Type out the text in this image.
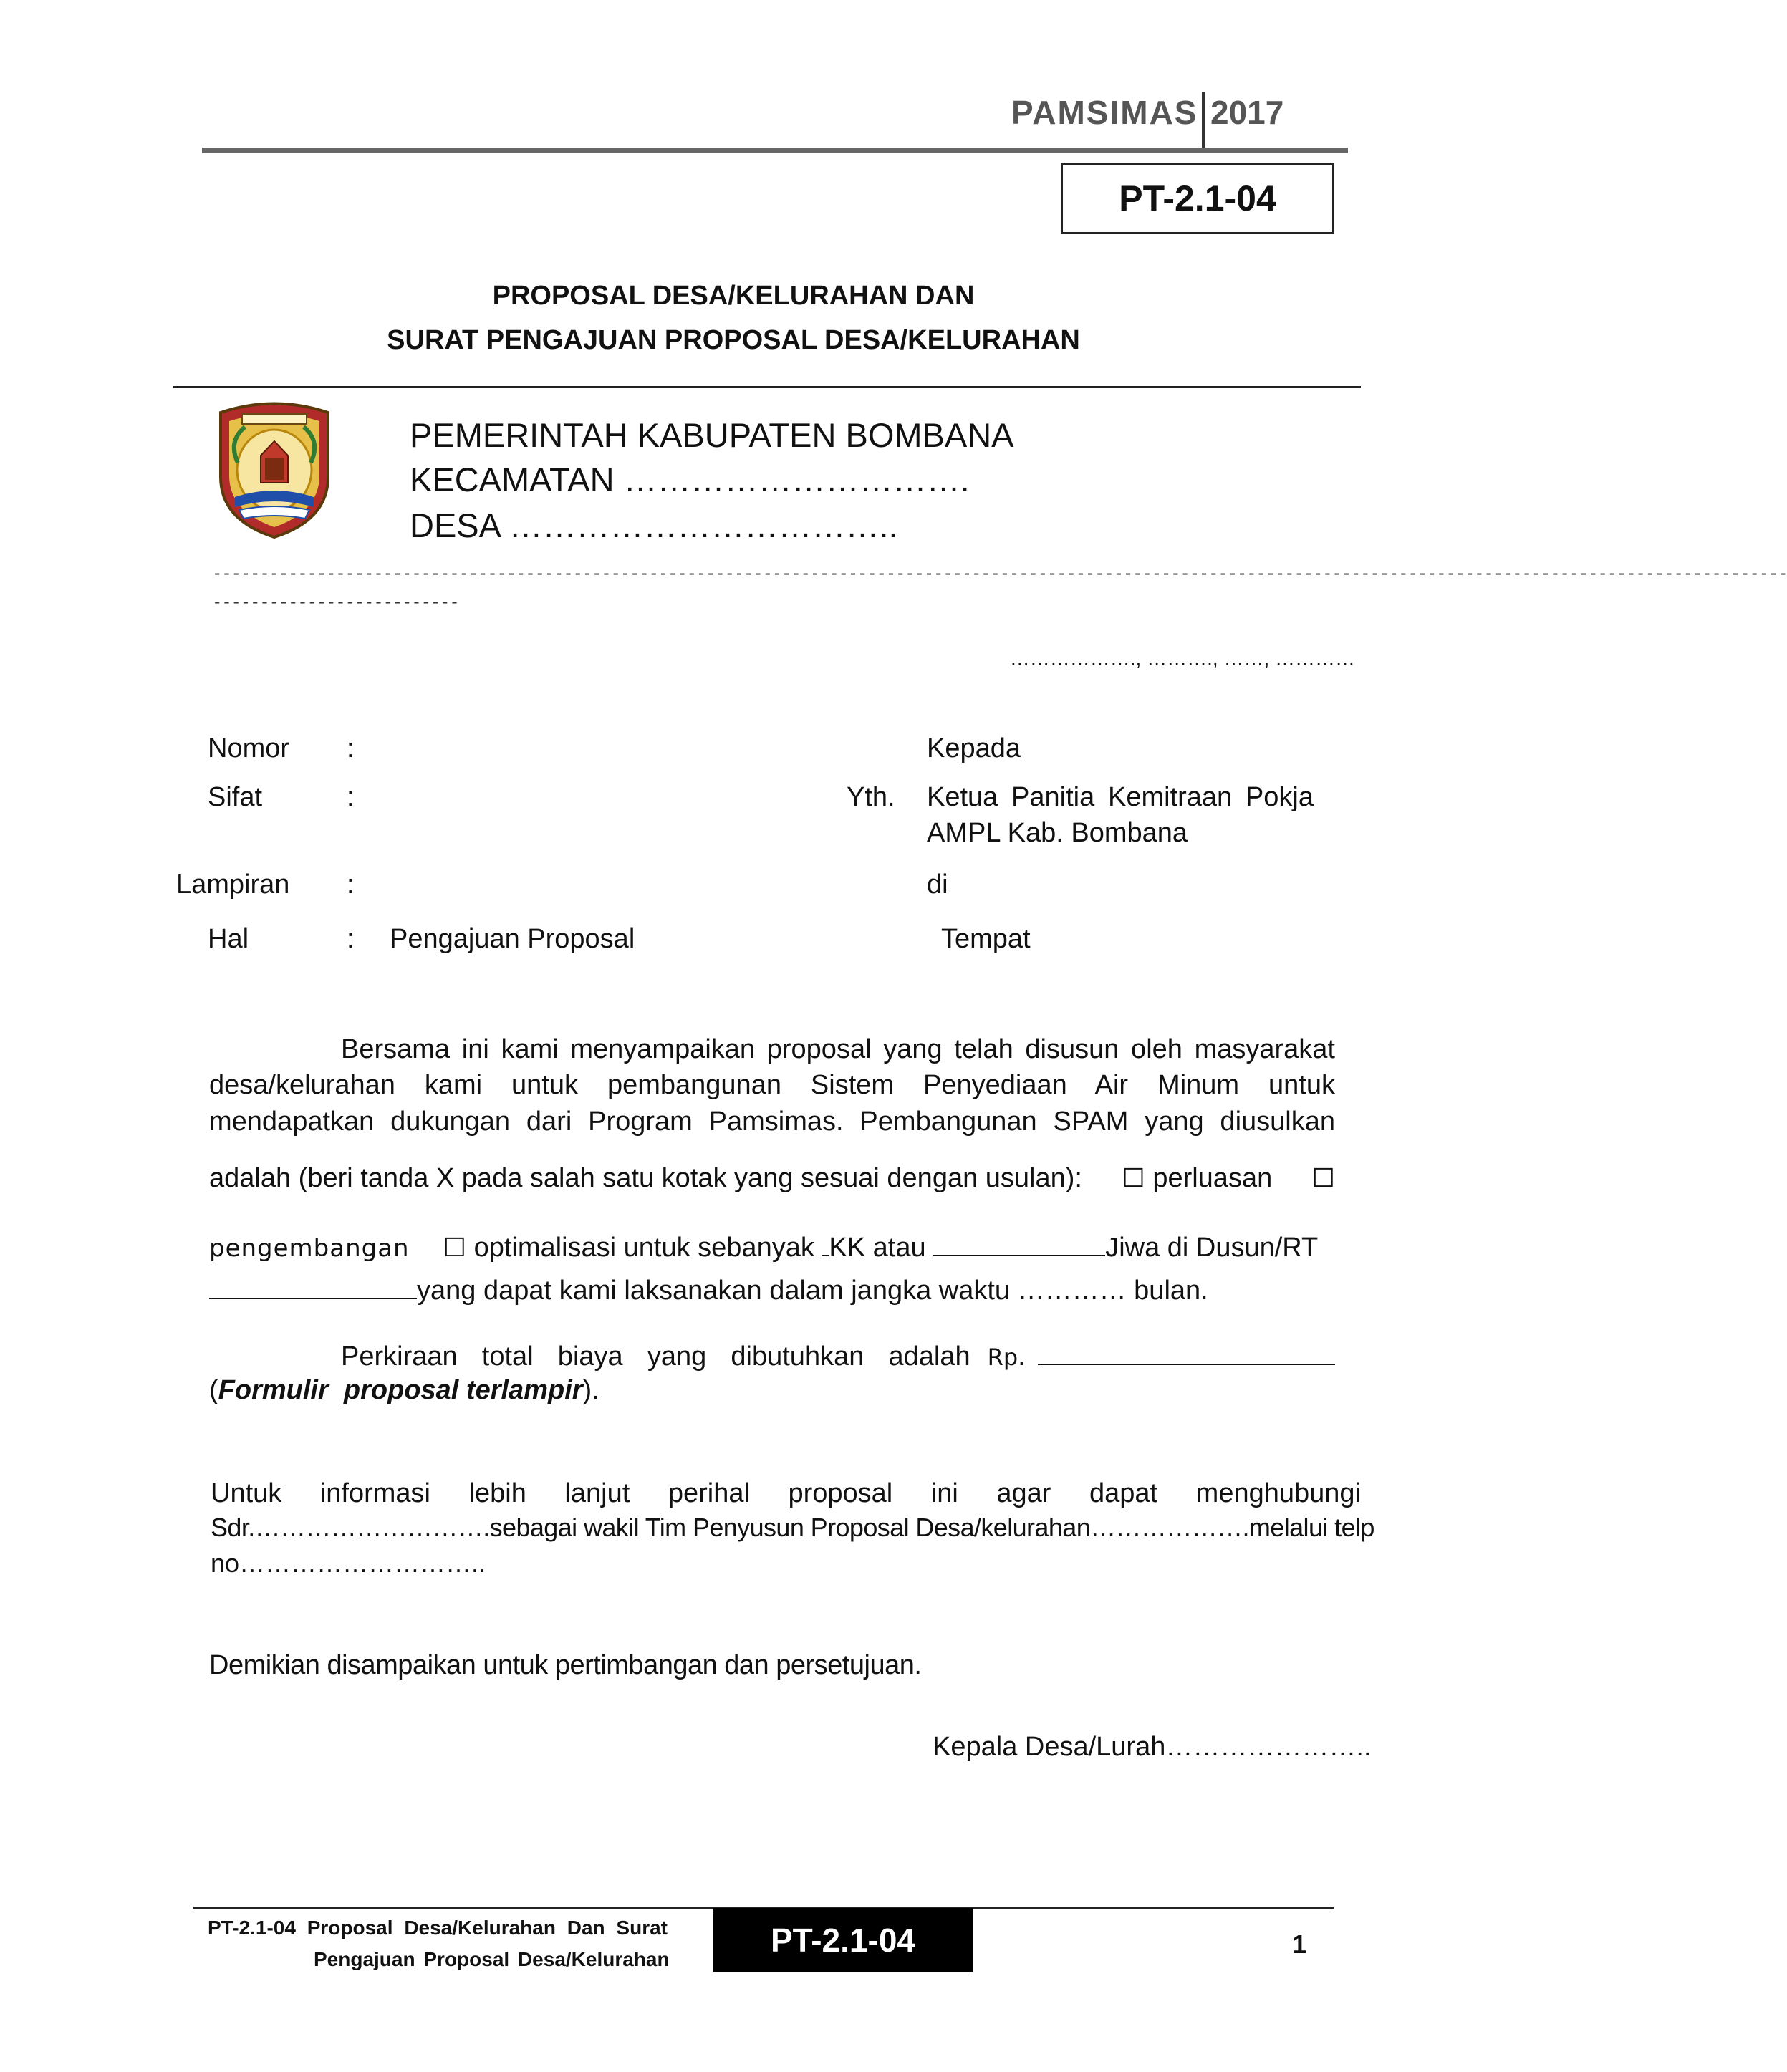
PAMSIMAS 2017
PT-2.1-04
PROPOSAL DESA/KELURAHAN DAN
SURAT PENGAJUAN PROPOSAL DESA/KELURAHAN
PEMERINTAH KABUPATEN BOMBANA
KECAMATAN ………………………….
DESA ……………………………..
----------------------------------------------------------------------------------------------------------------------------------------------------------------------
--------------------------
………………., ………., ……, …………
Nomor :
Sifat	:
Lampiran :
Hal	: Pengajuan Proposal
Kepada
Yth. Ketua Panitia Kemitraan Pokja
AMPL Kab. Bombana
di
Tempat
Bersama ini kami menyampaikan proposal yang telah disusun oleh masyarakat
desa/kelurahan kami untuk pembangunan Sistem Penyediaan Air Minum untuk
mendapatkan dukungan dari Program Pamsimas. Pembangunan SPAM yang diusulkan
adalah (beri tanda X pada salah satu kotak yang sesuai dengan usulan): ☐ perluasan ☐
pengembangan ☐ optimalisasi untuk sebanyak KK atau	Jiwa di Dusun/RT
yang dapat kami laksanakan dalam jangka waktu ………… bulan.
Perkiraan total biaya yang dibutuhkan adalah Rp.
(Formulir proposal terlampir).
Untuk informasi lebih lanjut perihal proposal ini agar dapat menghubungi
Sdr.……………………….sebagai wakil Tim Penyusun Proposal Desa/kelurahan……………….melalui telp
no………………………..
Demikian disampaikan untuk pertimbangan dan persetujuan.
Kepala Desa/Lurah…………………..
PT-2.1-04 Proposal Desa/Kelurahan Dan Surat
Pengajuan Proposal Desa/Kelurahan
PT-2.1-04	1
